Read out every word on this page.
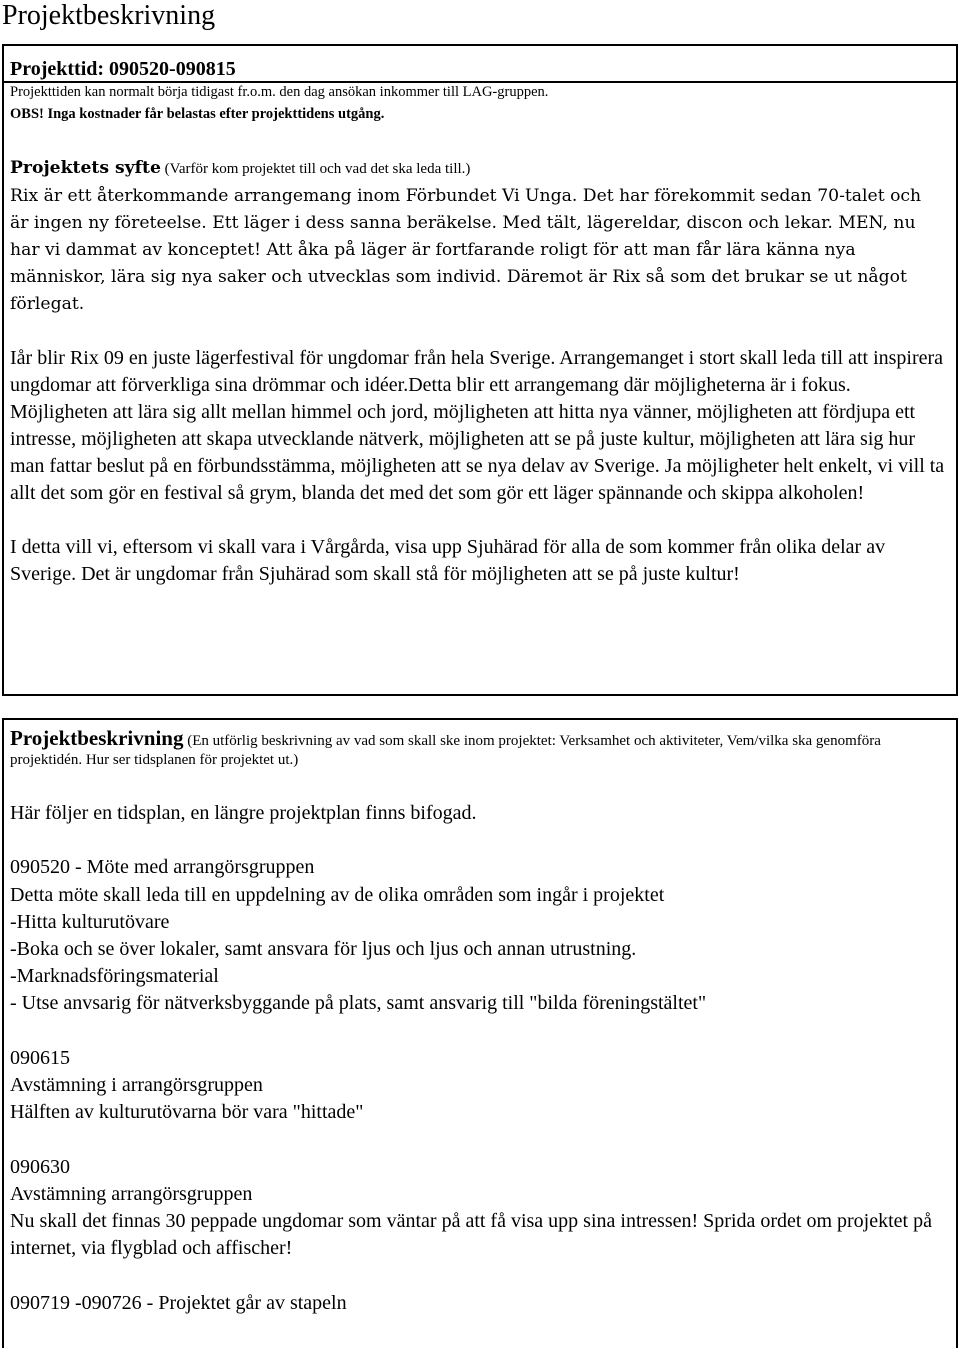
Projektbeskrivning
Projekttid: 090520-090815
Projekttiden kan normalt börja tidigast fr.o.m. den dag ansökan inkommer till LAG-gruppen.
OBS! Inga kostnader får belastas efter projekttidens utgång.
Projektets syfte (Varför kom projektet till och vad det ska leda till.)

Rix är ett återkommande arrangemang inom Förbundet Vi Unga. Det har förekommit sedan 70-talet och är ingen ny företeelse. Ett läger i dess sanna beräkelse. Med tält, lägereldar, discon och lekar. MEN, nu har vi dammat av konceptet! Att åka på läger är fortfarande roligt för att man får lära känna nya människor, lära sig nya saker och utvecklas som individ. Däremot är Rix så som det brukar se ut något förlegat.

Iår blir Rix 09 en juste lägerfestival för ungdomar från hela Sverige. Arrangemanget i stort skall leda till att inspirera ungdomar att förverkliga sina drömmar och idéer.Detta blir ett arrangemang där möjligheterna är i fokus. Möjligheten att lära sig allt mellan himmel och jord, möjligheten att hitta nya vänner, möjligheten att fördjupa ett intresse, möjligheten att skapa utvecklande nätverk, möjligheten att se på juste kultur, möjligheten att lära sig hur man fattar beslut på en förbundsstämma, möjligheten att se nya delav av Sverige. Ja möjligheter helt enkelt, vi vill ta allt det som gör en festival så grym, blanda det med det som gör ett läger spännande och skippa alkoholen!
I detta vill vi, eftersom vi skall vara i Vårgårda, visa upp Sjuhärad för alla de som kommer från olika delar av Sverige. Det är ungdomar från Sjuhärad som skall stå för möjligheten att se på juste kultur!

Projektbeskrivning (En utförlig beskrivning av vad som skall ske inom projektet: Verksamhet och aktiviteter, Vem/vilka ska genomföra projektidén. Hur ser tidsplanen för projektet ut.)
Här följer en tidsplan, en längre projektplan finns bifogad.
090520 - Möte med arrangörsgruppen
Detta möte skall leda till en uppdelning av de olika områden som ingår i projektet
-Hitta kulturutövare
-Boka och se över lokaler, samt ansvara för ljus och ljus och annan utrustning.
-Marknadsföringsmaterial
- Utse anvsarig för nätverksbyggande på plats, samt ansvarig till "bilda föreningstältet"
090615
Avstämning i arrangörsgruppen
Hälften av kulturutövarna bör vara "hittade"
090630
Avstämning arrangörsgruppen
Nu skall det finnas 30 peppade ungdomar som väntar på att få visa upp sina intressen! Sprida ordet om projektet på internet, via flygblad och affischer!
090719 -090726 - Projektet går av stapeln
